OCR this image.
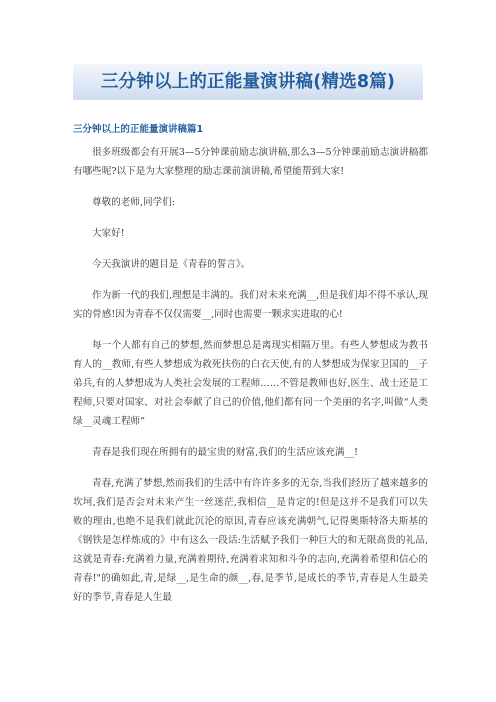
三分钟以上的正能量演讲稿(精选8篇)
三分钟以上的正能量演讲稿篇1

很多班级都会有开展3—5分钟课前励志演讲稿,那么3—5分钟课前励志演讲稿都有哪些呢?以下是为大家整理的励志课前演讲稿,希望能帮到大家!

尊敬的老师,同学们:

大家好!

今天我演讲的题目是《青春的誓言》。

作为新一代的我们,理想是丰满的。我们对未来充满__,但是我们却不得不承认,现实的骨感!因为青春不仅仅需要__,同时也需要一颗求实进取的心!

每一个人都有自己的梦想,然而梦想总是离现实相隔万里。有些人梦想成为教书育人的__教师,有些人梦想成为救死扶伤的白衣天使,有的人梦想成为保家卫国的__子弟兵,有的人梦想成为人类社会发展的工程师……不管是教师也好,医生、战士还是工程师,只要对国家、对社会奉献了自己的价值,他们都有同一个美丽的名字,叫做“人类绿__灵魂工程师”

青春是我们现在所拥有的最宝贵的财富,我们的生活应该充满__!

青春,充满了梦想,然而我们的生活中有许许多多的无奈,当我们经历了越来越多的坎坷,我们是否会对未来产生一丝迷茫,我相信__是肯定的!但是这并不是我们可以失败的理由,也绝不是我们就此沉沦的原因,青春应该充满朝气,记得奥斯特洛夫斯基的《钢铁是怎样炼成的》中有这么一段话:生活赋予我们一种巨大的和无限高贵的礼品,这就是青春:充满着力量,充满着期待,充满着求知和斗争的志向,充满着希望和信心的青春!"的确如此,青,是绿__,是生命的颜__,春,是季节,是成长的季节,青春是人生最美好的季节,青春是人生最
